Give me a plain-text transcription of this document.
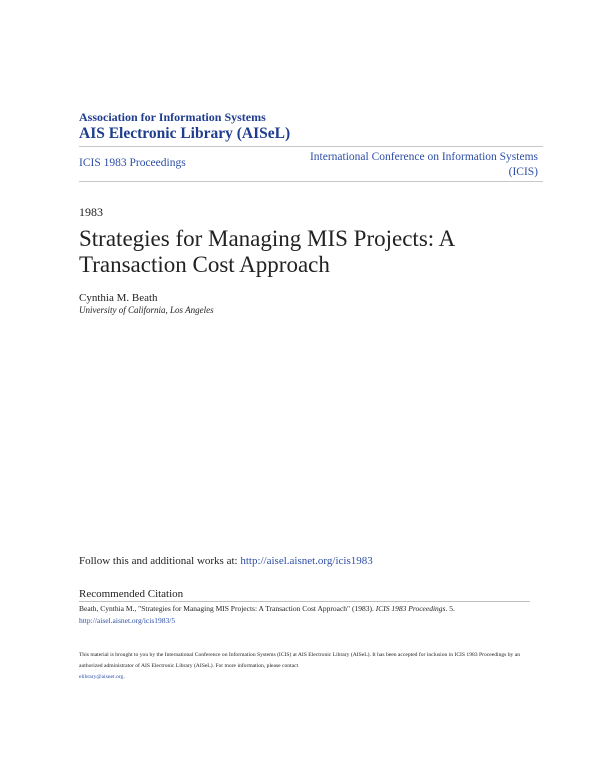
Association for Information Systems
AIS Electronic Library (AISeL)
ICIS 1983 Proceedings	International Conference on Information Systems
(ICIS)
1983
Strategies for Managing MIS Projects: A Transaction Cost Approach
Cynthia M. Beath
University of California, Los Angeles
Follow this and additional works at: http://aisel.aisnet.org/icis1983
Recommended Citation
Beath, Cynthia M., "Strategies for Managing MIS Projects: A Transaction Cost Approach" (1983). ICIS 1983 Proceedings. 5.
http://aisel.aisnet.org/icis1983/5
This material is brought to you by the International Conference on Information Systems (ICIS) at AIS Electronic Library (AISeL). It has been accepted for inclusion in ICIS 1983 Proceedings by an authorized administrator of AIS Electronic Library (AISeL). For more information, please contact
elibrary@aisnet.org.
